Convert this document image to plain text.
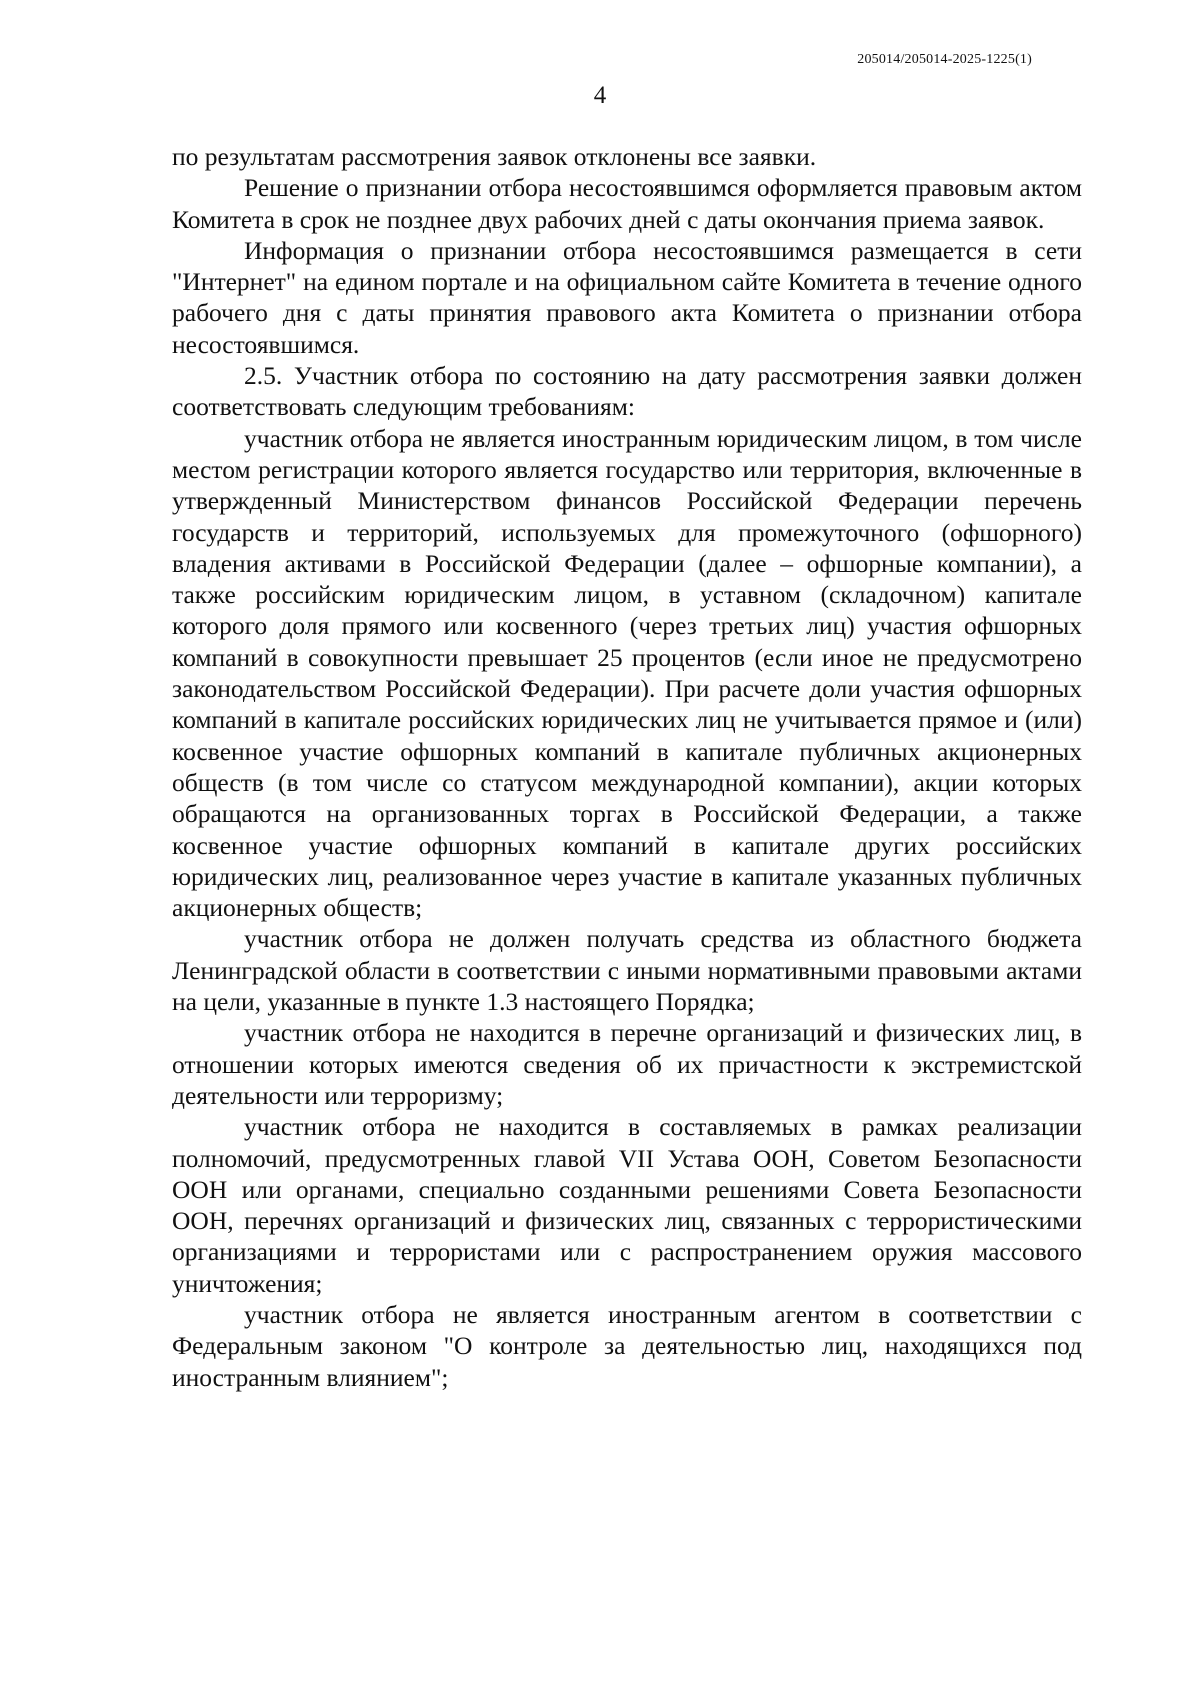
205014/205014-2025-1225(1)
4

по результатам рассмотрения заявок отклонены все заявки.

Решение о признании отбора несостоявшимся оформляется правовым актом Комитета в срок не позднее двух рабочих дней с даты окончания приема заявок.

Информация о признании отбора несостоявшимся размещается в сети "Интернет" на едином портале и на официальном сайте Комитета в течение одного рабочего дня с даты принятия правового акта Комитета о признании отбора несостоявшимся.

2.5. Участник отбора по состоянию на дату рассмотрения заявки должен соответствовать следующим требованиям:

участник отбора не является иностранным юридическим лицом, в том числе местом регистрации которого является государство или территория, включенные в утвержденный Министерством финансов Российской Федерации перечень государств и территорий, используемых для промежуточного (офшорного) владения активами в Российской Федерации (далее – офшорные компании), а также российским юридическим лицом, в уставном (складочном) капитале которого доля прямого или косвенного (через третьих лиц) участия офшорных компаний в совокупности превышает 25 процентов (если иное не предусмотрено законодательством Российской Федерации). При расчете доли участия офшорных компаний в капитале российских юридических лиц не учитывается прямое и (или) косвенное участие офшорных компаний в капитале публичных акционерных обществ (в том числе со статусом международной компании), акции которых обращаются на организованных торгах в Российской Федерации, а также косвенное участие офшорных компаний в капитале других российских юридических лиц, реализованное через участие в капитале указанных публичных акционерных обществ;

участник отбора не должен получать средства из областного бюджета Ленинградской области в соответствии с иными нормативными правовыми актами на цели, указанные в пункте 1.3 настоящего Порядка;

участник отбора не находится в перечне организаций и физических лиц, в отношении которых имеются сведения об их причастности к экстремистской деятельности или терроризму;

участник отбора не находится в составляемых в рамках реализации полномочий, предусмотренных главой VII Устава ООН, Советом Безопасности ООН или органами, специально созданными решениями Совета Безопасности ООН, перечнях организаций и физических лиц, связанных с террористическими организациями и террористами или с распространением оружия массового уничтожения;

участник отбора не является иностранным агентом в соответствии с Федеральным законом "О контроле за деятельностью лиц, находящихся под иностранным влиянием";
